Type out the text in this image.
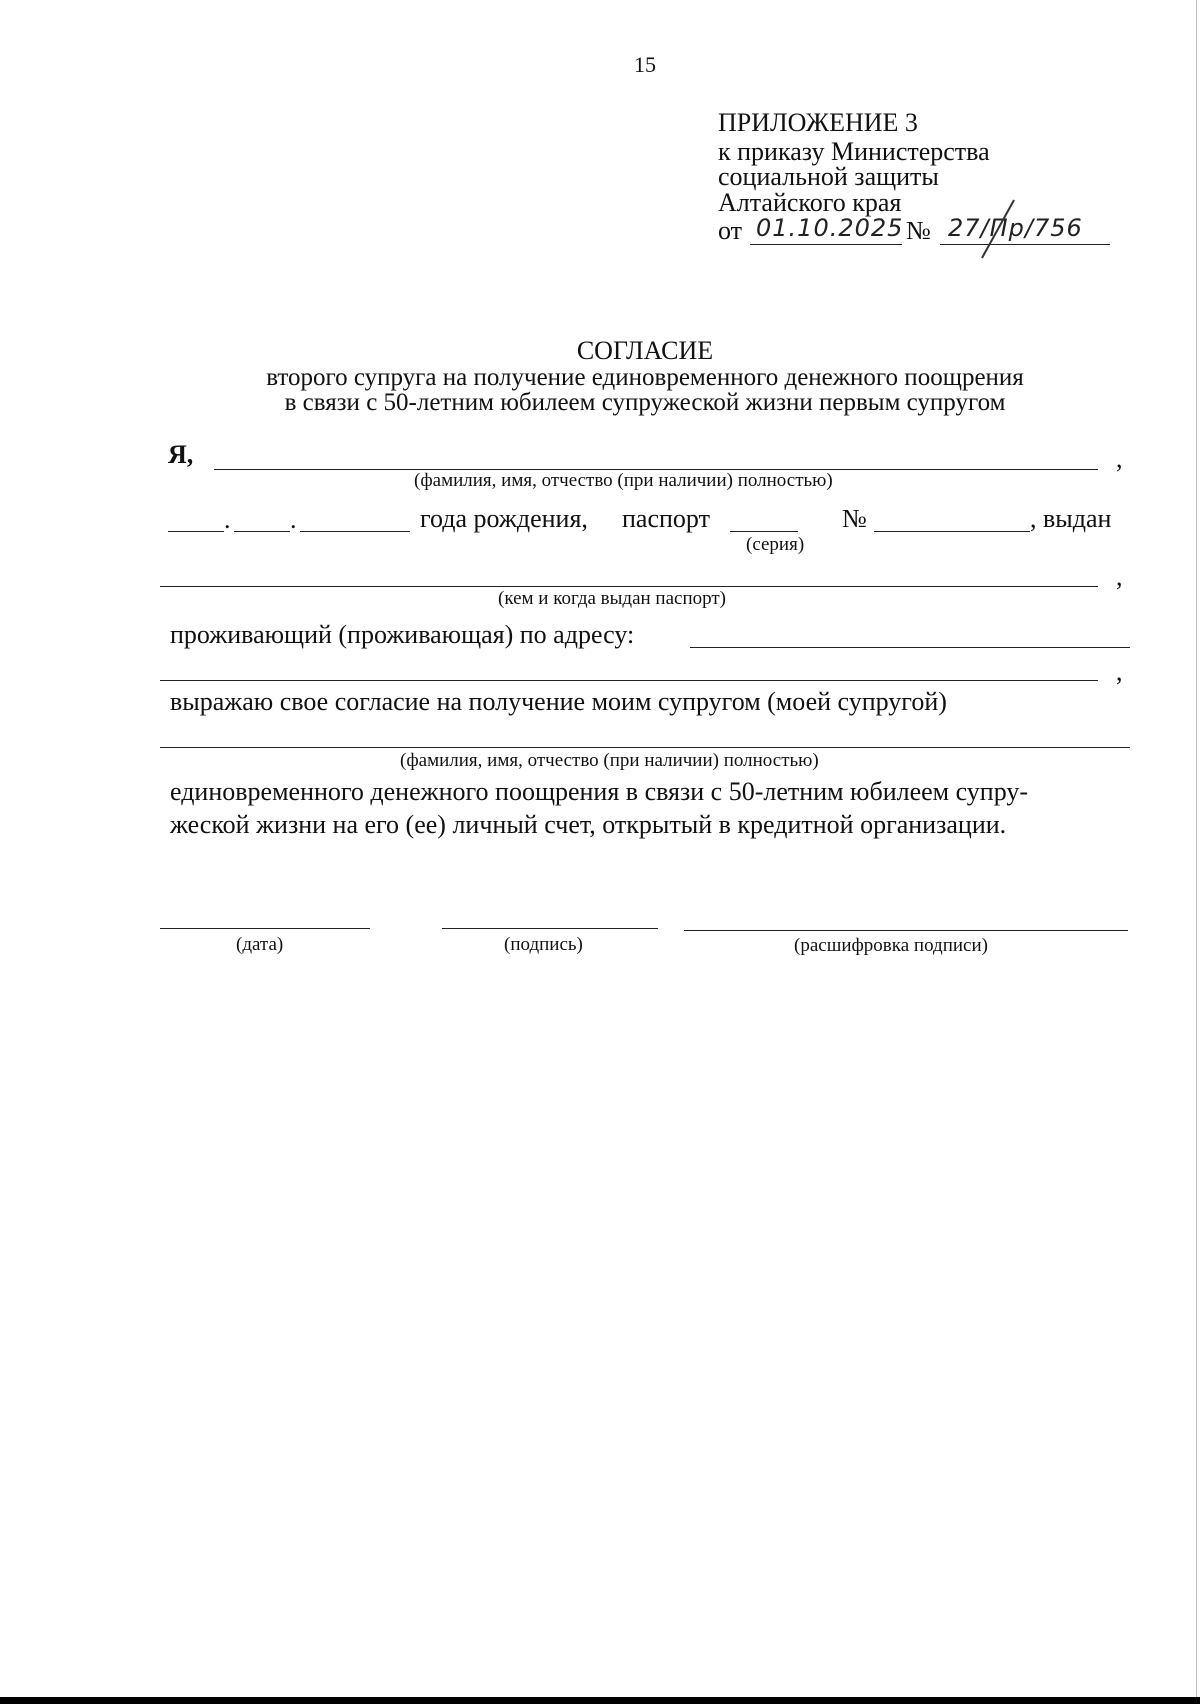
15
ПРИЛОЖЕНИЕ 3
к приказу Министерства
социальной защиты
Алтайского края
от 01.10.2025 № 27/Пр/756
СОГЛАСИЕ
второго супруга на получение единовременного денежного поощрения
в связи с 50-летним юбилеем супружеской жизни первым супругом
Я,	,
(фамилия, имя, отчество (при наличии) полностью)
. .	года рождения, паспорт	№	, выдан
(серия)
,
(кем и когда выдан паспорт)
проживающий (проживающая) по адресу:
,
выражаю свое согласие на получение моим супругом (моей супругой)
(фамилия, имя, отчество (при наличии) полностью)
единовременного денежного поощрения в связи с 50-летним юбилеем супру-
жеской жизни на его (ее) личный счет, открытый в кредитной организации.
(дата)	(подпись)	(расшифровка подписи)
